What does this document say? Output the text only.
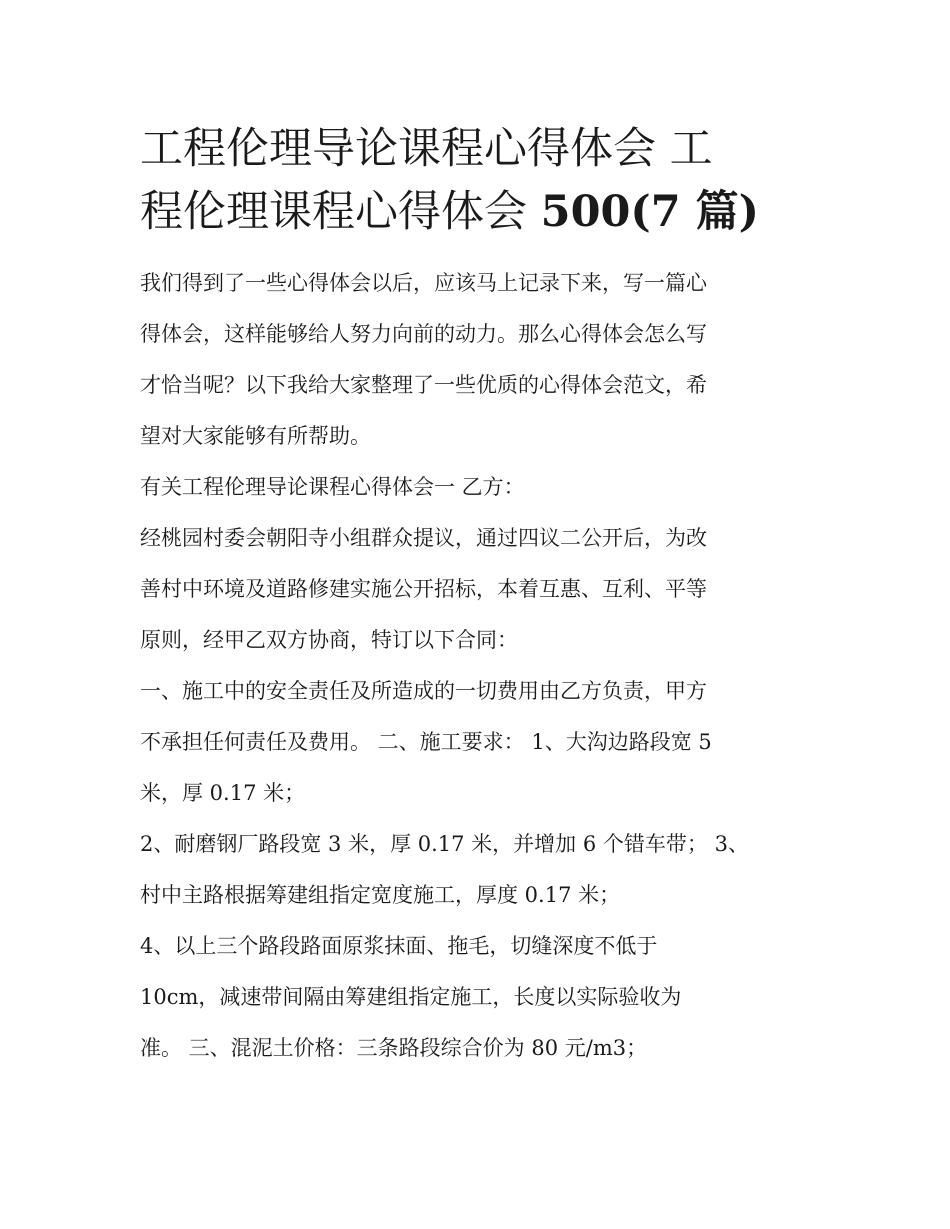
工程伦理导论课程心得体会 工
程伦理课程心得体会 500(7 篇)

我们得到了一些心得体会以后，应该马上记录下来，写一篇心
得体会，这样能够给人努力向前的动力。那么心得体会怎么写
才恰当呢？以下我给大家整理了一些优质的心得体会范文，希
望对大家能够有所帮助。

有关工程伦理导论课程心得体会一 乙方：

经桃园村委会朝阳寺小组群众提议，通过四议二公开后，为改
善村中环境及道路修建实施公开招标，本着互惠、互利、平等
原则，经甲乙双方协商，特订以下合同：

一、施工中的安全责任及所造成的一切费用由乙方负责，甲方
不承担任何责任及费用。 二、施工要求： 1、大沟边路段宽 5
米，厚 0.17 米；

2、耐磨钢厂路段宽 3 米，厚 0.17 米，并增加 6 个错车带； 3、
村中主路根据筹建组指定宽度施工，厚度 0.17 米；

4、以上三个路段路面原浆抹面、拖毛，切缝深度不低于
10cm，减速带间隔由筹建组指定施工，长度以实际验收为
准。 三、混泥土价格：三条路段综合价为 80 元/m3；
